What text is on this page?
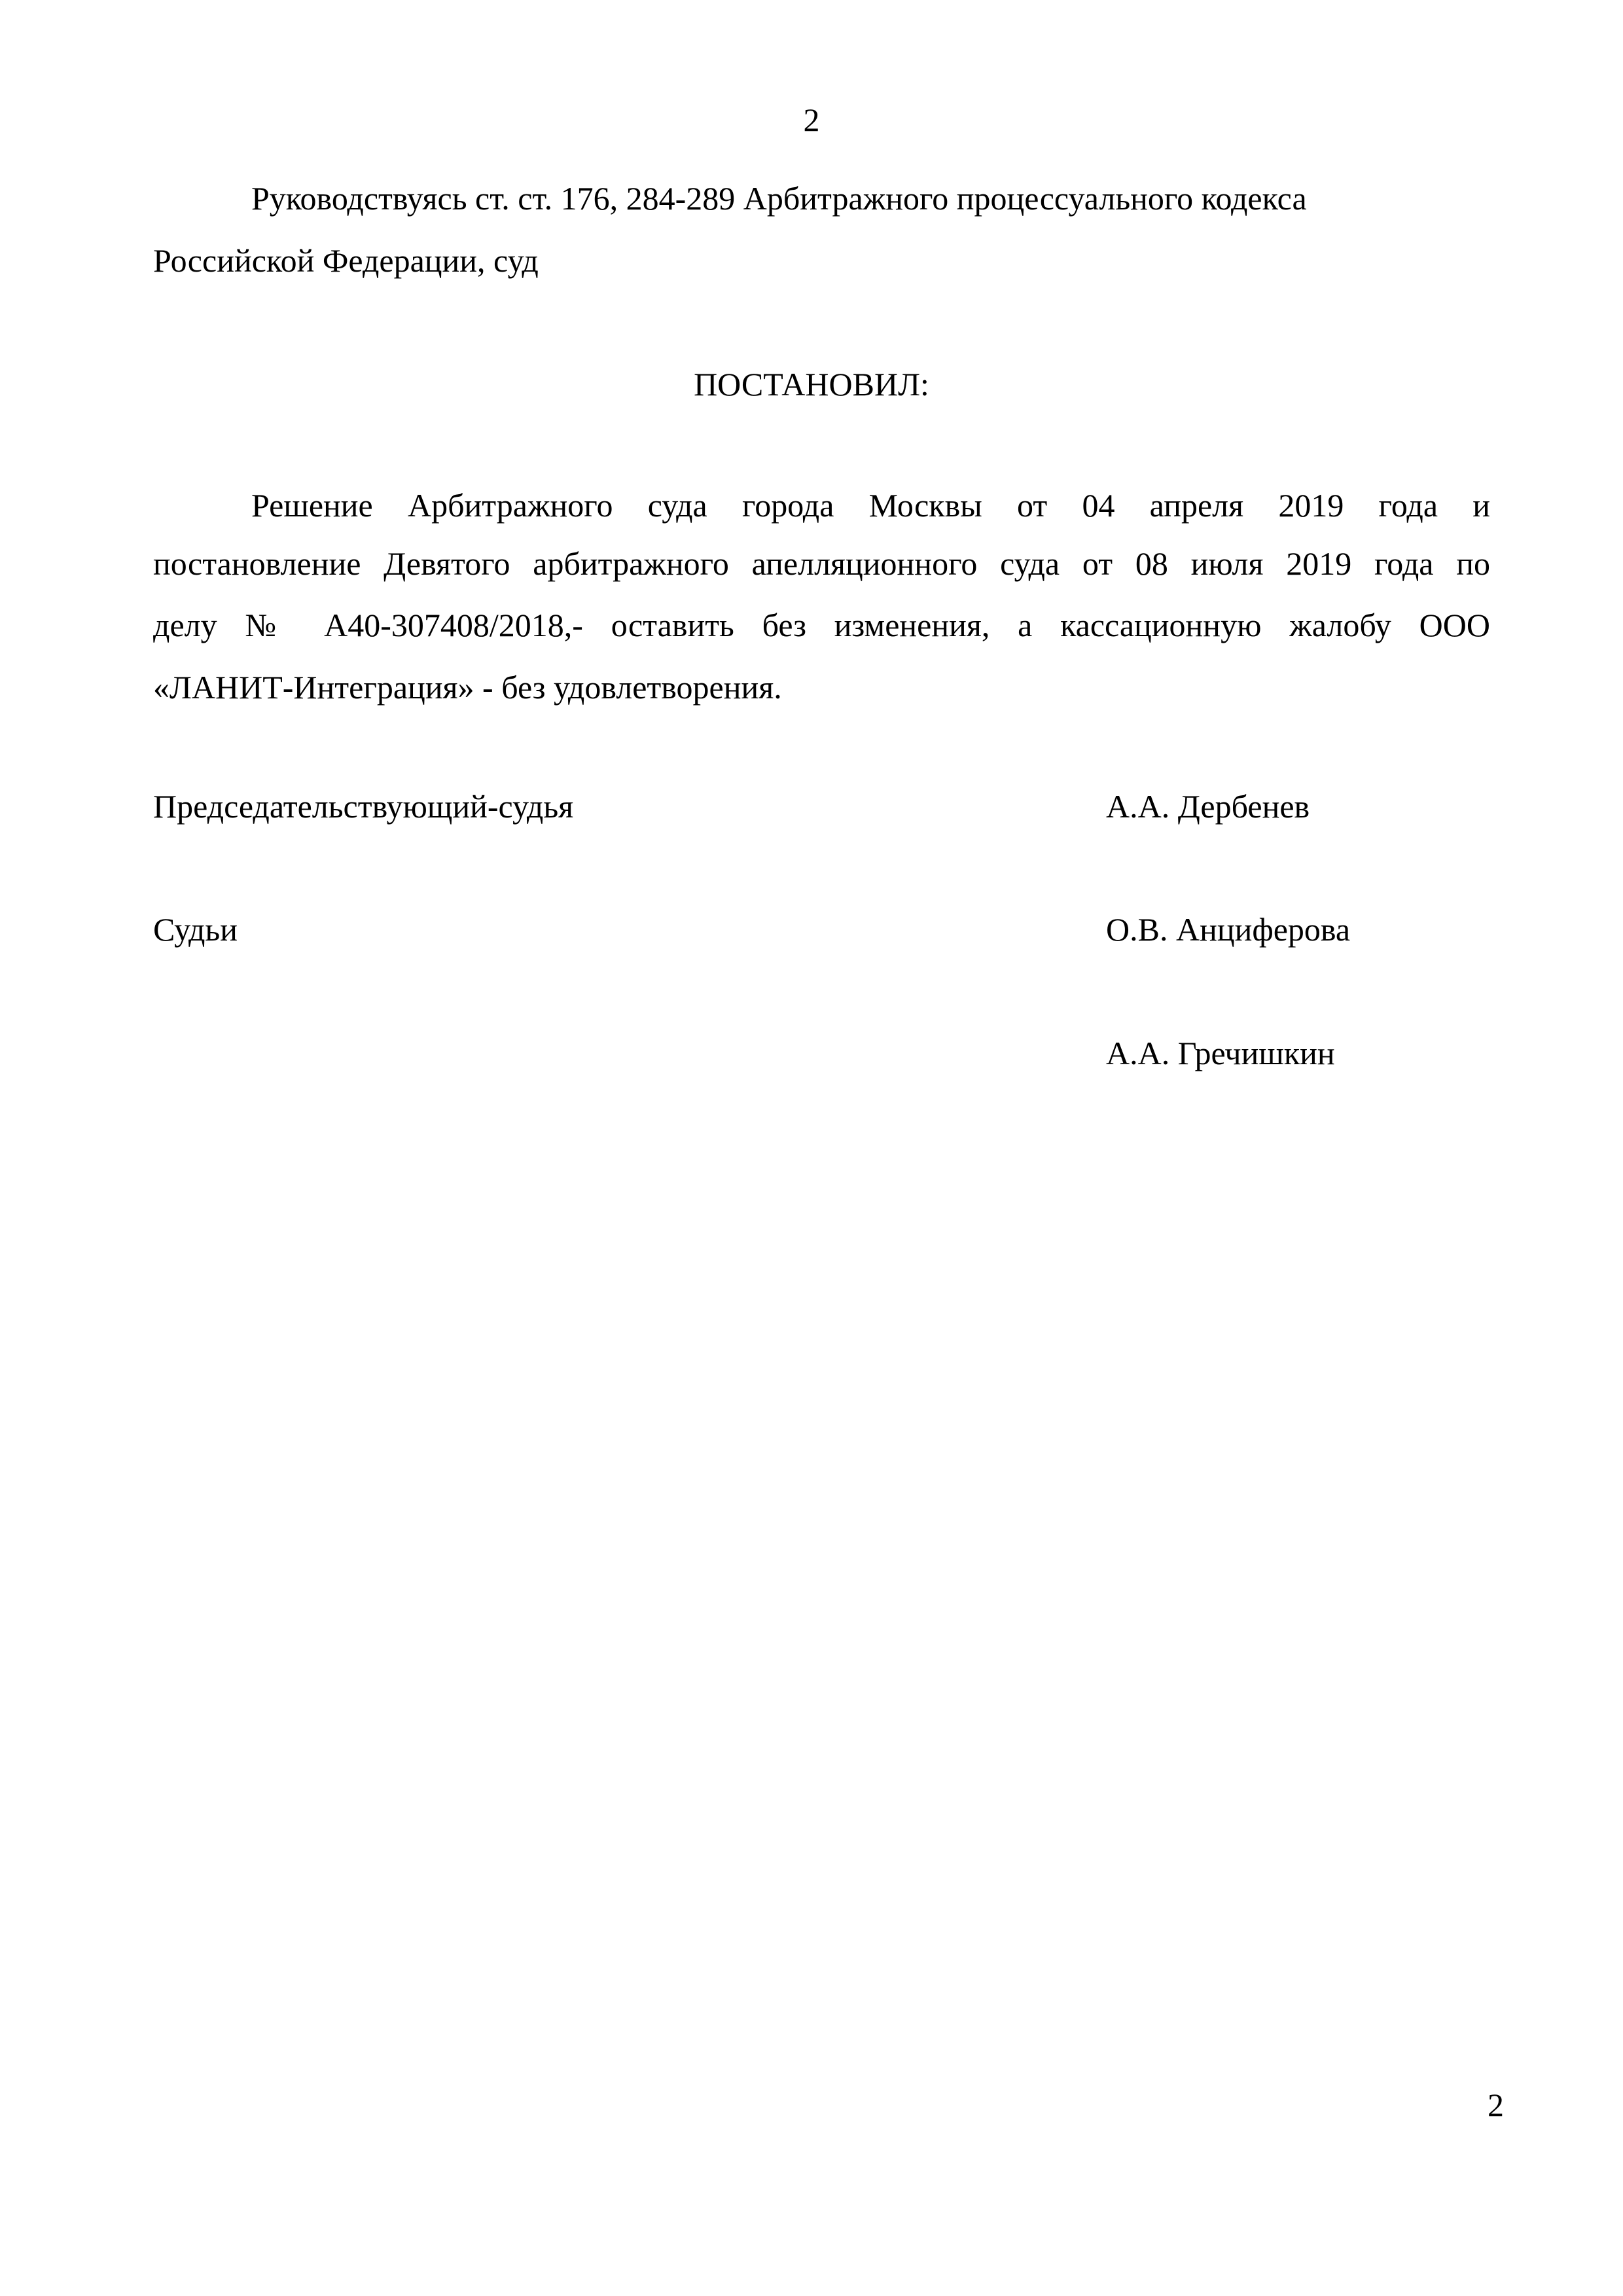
2
Руководствуясь ст. ст. 176, 284-289 Арбитражного процессуального кодекса
Российской Федерации, суд
ПОСТАНОВИЛ:
Решение Арбитражного суда города Москвы от 04 апреля 2019 года и
постановление Девятого арбитражного апелляционного суда от 08 июля 2019 года по
делу № А40-307408/2018,- оставить без изменения, а кассационную жалобу ООО
«ЛАНИТ-Интеграция» - без удовлетворения.
Председательствующий-судья	А.А. Дербенев
Судьи	О.В. Анциферова
А.А. Гречишкин
2
